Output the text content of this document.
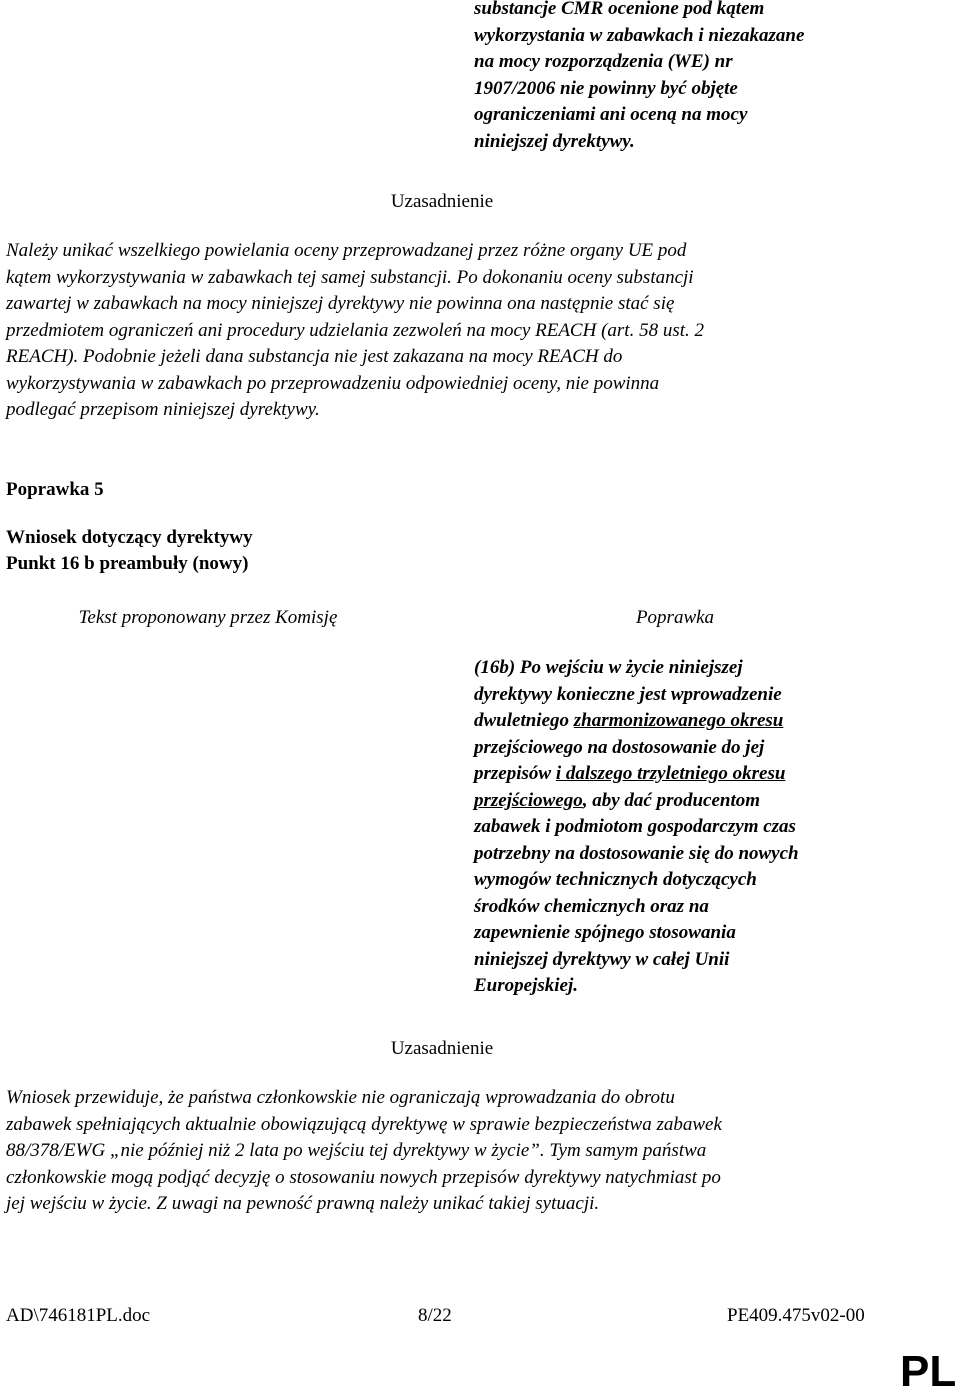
substancje CMR ocenione pod kątem
wykorzystania w zabawkach i niezakazane
na mocy rozporządzenia (WE) nr
1907/2006 nie powinny być objęte
ograniczeniami ani oceną na mocy
niniejszej dyrektywy.
Uzasadnienie
Należy unikać wszelkiego powielania oceny przeprowadzanej przez różne organy UE pod
kątem wykorzystywania w zabawkach tej samej substancji. Po dokonaniu oceny substancji
zawartej w zabawkach na mocy niniejszej dyrektywy nie powinna ona następnie stać się
przedmiotem ograniczeń ani procedury udzielania zezwoleń na mocy REACH (art. 58 ust. 2
REACH). Podobnie jeżeli dana substancja nie jest zakazana na mocy REACH do
wykorzystywania w zabawkach po przeprowadzeniu odpowiedniej oceny, nie powinna
podlegać przepisom niniejszej dyrektywy.
Poprawka 5
Wniosek dotyczący dyrektywy
Punkt 16 b preambuły (nowy)
Tekst proponowany przez Komisję	Poprawka
(16b) Po wejściu w życie niniejszej
dyrektywy konieczne jest wprowadzenie
dwuletniego zharmonizowanego okresu
przejściowego na dostosowanie do jej
przepisów i dalszego trzyletniego okresu
przejściowego, aby dać producentom
zabawek i podmiotom gospodarczym czas
potrzebny na dostosowanie się do nowych
wymogów technicznych dotyczących
środków chemicznych oraz na
zapewnienie spójnego stosowania
niniejszej dyrektywy w całej Unii
Europejskiej.
Uzasadnienie
Wniosek przewiduje, że państwa członkowskie nie ograniczają wprowadzania do obrotu
zabawek spełniających aktualnie obowiązującą dyrektywę w sprawie bezpieczeństwa zabawek
88/378/EWG „nie później niż 2 lata po wejściu tej dyrektywy w życie”. Tym samym państwa
członkowskie mogą podjąć decyzję o stosowaniu nowych przepisów dyrektywy natychmiast po
jej wejściu w życie. Z uwagi na pewność prawną należy unikać takiej sytuacji.
AD\746181PL.doc	8/22	PE409.475v02-00
PL
